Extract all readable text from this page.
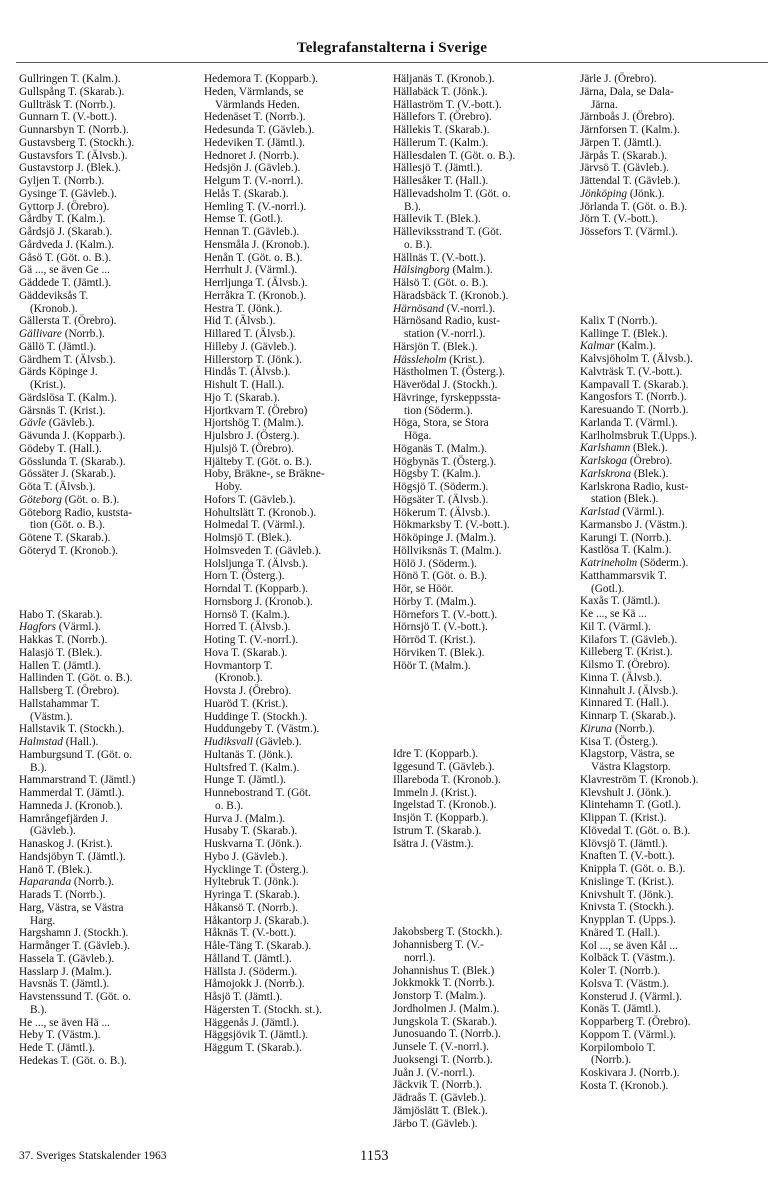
Telegrafanstalterna i Sverige
Gullringen T. (Kalm.).
Gullspång T. (Skarab.).
Gullträsk T. (Norrb.).
Gunnarn T. (V.-bott.).
Gunnarsbyn T. (Norrb.).
Gustavsberg T. (Stockh.).
Gustavsfors T. (Älvsb.).
Gustavstorp J. (Blek.).
Gyljen T. (Norrb.).
Gysinge T. (Gävleb.).
Gyttorp J. (Örebro).
Gårdby T. (Kalm.).
Gårdsjö J. (Skarab.).
Gårdveda J. (Kalm.).
Gåsö T. (Göt. o. B.).
Gä ..., se även Ge ...
Gäddede T. (Jämtl.).
Gäddeviksås T.
(Kronob.).
Gällersta T. (Örebro).
Gällivare (Norrb.).
Gällö T. (Jämtl.).
Gärdhem T. (Älvsb.).
Gärds Köpinge J.
(Krist.).
Gärdslösa T. (Kalm.).
Gärsnäs T. (Krist.).
Gävle (Gävleb.).
Gävunda J. (Kopparb.).
Gödeby T. (Hall.).
Gösslunda T. (Skarab.).
Gössäter J. (Skarab.).
Göta T. (Älvsb.).
Göteborg (Göt. o. B.).
Göteborg Radio, kuststa-
tion (Göt. o. B.).
Götene T. (Skarab.).
Göteryd T. (Kronob.).
Habo T. (Skarab.).
Hagfors (Värml.).
Hakkas T. (Norrb.).
Halasjö T. (Blek.).
Hallen T. (Jämtl.).
Hallinden T. (Göt. o. B.).
Hallsberg T. (Örebro).
Hallstahammar T.
(Västm.).
Hallstavik T. (Stockh.).
Halmstad (Hall.).
Hamburgsund T. (Göt. o.
B.).
Hammarstrand T. (Jämtl.)
Hammerdal T. (Jämtl.).
Hamneda J. (Kronob.).
Hamrångefjärden J.
(Gävleb.).
Hanaskog J. (Krist.).
Handsjöbyn T. (Jämtl.).
Hanö T. (Blek.).
Haparanda (Norrb.).
Harads T. (Norrb.).
Harg, Västra, se Västra
Harg.
Hargshamn J. (Stockh.).
Harmånger T. (Gävleb.).
Hassela T. (Gävleb.).
Hasslarp J. (Malm.).
Havsnäs T. (Jämtl.).
Havstenssund T. (Göt. o.
B.).
He ..., se även Hä ...
Heby T. (Västm.).
Hede T. (Jämtl.).
Hedekas T. (Göt. o. B.).
Hedemora T. (Kopparb.).
Heden, Värmlands, se
Värmlands Heden.
Hedenäset T. (Norrb.).
Hedesunda T. (Gävleb.).
Hedeviken T. (Jämtl.).
Hednoret J. (Norrb.).
Hedsjön J. (Gävleb.).
Helgum T. (V.-norrl.).
Helås T. (Skarab.).
Hemling T. (V.-norrl.).
Hemse T. (Gotl.).
Hennan T. (Gävleb.).
Hensmåla J. (Kronob.).
Henån T. (Göt. o. B.).
Herrhult J. (Värml.).
Herrljunga T. (Älvsb.).
Herråkra T. (Kronob.).
Hestra T. (Jönk.).
Hid T. (Älvsb.).
Hillared T. (Älvsb.).
Hilleby J. (Gävleb.).
Hillerstorp T. (Jönk.).
Hindås T. (Älvsb.).
Hishult T. (Hall.).
Hjo T. (Skarab.).
Hjortkvarn T. (Örebro)
Hjortshög T. (Malm.).
Hjulsbro J. (Österg.).
Hjulsjö T. (Örebro).
Hjälteby T. (Göt. o. B.).
Hoby, Bräkne-, se Bräkne-
Hoby.
Hofors T. (Gävleb.).
Hohultslätt T. (Kronob.).
Holmedal T. (Värml.).
Holmsjö T. (Blek.).
Holmsveden T. (Gävleb.).
Holsljunga T. (Älvsb.).
Horn T. (Österg.).
Horndal T. (Kopparb.).
Hornsborg J. (Kronob.).
Hornsö T. (Kalm.).
Horred T. (Älvsb.).
Hoting T. (V.-norrl.).
Hova T. (Skarab.).
Hovmantorp T.
(Kronob.).
Hovsta J. (Örebro).
Huaröd T. (Krist.).
Huddinge T. (Stockh.).
Huddungeby T. (Västm.).
Hudiksvall (Gävleb.).
Hultanäs T. (Jönk.).
Hultsfred T. (Kalm.).
Hunge T. (Jämtl.).
Hunnebostrand T. (Göt.
o. B.).
Hurva J. (Malm.).
Husaby T. (Skarab.).
Huskvarna T. (Jönk.).
Hybo J. (Gävleb.).
Hycklinge T. (Österg.).
Hyltebruk T. (Jönk.).
Hyringa T. (Skarab.).
Håkansö T. (Norrb.).
Håkantorp J. (Skarab.).
Håknäs T. (V.-bott.).
Håle-Täng T. (Skarab.).
Hålland T. (Jämtl.).
Hällsta J. (Söderm.).
Håmojokk J. (Norrb.).
Håsjö T. (Jämtl.).
Hägersten T. (Stockh. st.).
Häggenås J. (Jämtl.).
Häggsjövik T. (Jämtl.).
Häggum T. (Skarab.).
Häljanäs T. (Kronob.).
Hällabäck T. (Jönk.).
Hällaström T. (V.-bott.).
Hällefors T. (Örebro).
Hällekis T. (Skarab.).
Hällerum T. (Kalm.).
Hällesdalen T. (Göt. o. B.).
Hällesjö T. (Jämtl.).
Hällesåker T. (Hall.).
Hällevadsholm T. (Göt. o.
B.).
Hällevik T. (Blek.).
Hälleviksstrand T. (Göt.
o. B.).
Hällnäs T. (V.-bott.).
Hälsingborg (Malm.).
Hälsö T. (Göt. o. B.).
Häradsbäck T. (Kronob.).
Härnösand (V.-norrl.).
Härnösand Radio, kust-
station (V.-norrl.).
Härsjön T. (Blek.).
Hässleholm (Krist.).
Hästholmen T. (Österg.).
Häverödal J. (Stockh.).
Hävringe, fyrskeppssta-
tion (Söderm.).
Höga, Stora, se Stora
Höga.
Höganäs T. (Malm.).
Högbynäs T. (Österg.).
Högsby T. (Kalm.).
Högsjö T. (Söderm.).
Högsäter T. (Älvsb.).
Hökerum T. (Älvsb.).
Hökmarksby T. (V.-bott.).
Hököpinge J. (Malm.).
Höllviksnäs T. (Malm.).
Hölö J. (Söderm.).
Hönö T. (Göt. o. B.).
Hör, se Höör.
Hörby T. (Malm.).
Hörnefors T. (V.-bott.).
Hörnsjö T. (V.-bott.).
Hörröd T. (Krist.).
Hörviken T. (Blek.).
Höör T. (Malm.).
Idre T. (Kopparb.).
Iggesund T. (Gävleb.).
Illareboda T. (Kronob.).
Immeln J. (Krist.).
Ingelstad T. (Kronob.).
Insjön T. (Kopparb.).
Istrum T. (Skarab.).
Isätra J. (Västm.).
Jakobsberg T. (Stockh.).
Johannisberg T. (V.-
norrl.).
Johannishus T. (Blek.)
Jokkmokk T. (Norrb.).
Jonstorp T. (Malm.).
Jordholmen J. (Malm.).
Jungskola T. (Skarab.).
Junosuando T. (Norrb.).
Junsele T. (V.-norrl.).
Juoksengi T. (Norrb.).
Juån J. (V.-norrl.).
Jäckvik T. (Norrb.).
Jädraås T. (Gävleb.).
Jämjöslätt T. (Blek.).
Järbo T. (Gävleb.).
Järle J. (Örebro).
Järna, Dala, se Dala-
Järna.
Järnboås J. (Örebro).
Järnforsen T. (Kalm.).
Järpen T. (Jämtl.).
Järpås T. (Skarab.).
Järvsö T. (Gävleb.).
Jättendal T. (Gävleb.).
Jönköping (Jönk.).
Jörlanda T. (Göt. o. B.).
Jörn T. (V.-bott.).
Jössefors T. (Värml.).
Kalix T (Norrb.).
Kallinge T. (Blek.).
Kalmar (Kalm.).
Kalvsjöholm T. (Älvsb.).
Kalvträsk T. (V.-bott.).
Kampavall T. (Skarab.).
Kangosfors T. (Norrb.).
Karesuando T. (Norrb.).
Karlanda T. (Värml.).
Karlholmsbruk T.(Upps.).
Karlshamn (Blek.).
Karlskoga (Örebro).
Karlskrona (Blek.).
Karlskrona Radio, kust-
station (Blek.).
Karlstad (Värml.).
Karmansbo J. (Västm.).
Karungi T. (Norrb.).
Kastlösa T. (Kalm.).
Katrineholm (Söderm.).
Katthammarsvik T.
(Gotl.).
Kaxås T. (Jämtl.).
Ke ..., se Kä ...
Kil T. (Värml.).
Kilafors T. (Gävleb.).
Killeberg T. (Krist.).
Kilsmo T. (Örebro).
Kinna T. (Älvsb.).
Kinnahult J. (Älvsb.).
Kinnared T. (Hall.).
Kinnarp T. (Skarab.).
Kiruna (Norrb.).
Kisa T. (Österg.).
Klagstorp, Västra, se
Västra Klagstorp.
Klavreström T. (Kronob.).
Klevshult J. (Jönk.).
Klintehamn T. (Gotl.).
Klippan T. (Krist.).
Klövedal T. (Göt. o. B.).
Klövsjö T. (Jämtl.).
Knaften T. (V.-bott.).
Knippla T. (Göt. o. B.).
Knislinge T. (Krist.).
Knivshult T. (Jönk.).
Knivsta T. (Stockh.).
Knypplan T. (Upps.).
Knäred T. (Hall.).
Kol ..., se även Kål ...
Kolbäck T. (Västm.).
Koler T. (Norrb.).
Kolsva T. (Västm.).
Konsterud J. (Värml.).
Konäs T. (Jämtl.).
Kopparberg T. (Örebro).
Koppom T. (Värml.).
Korpilombolo T.
(Norrb.).
Koskivara J. (Norrb.).
Kosta T. (Kronob.).
37. Sveriges Statskalender 1963	1153
